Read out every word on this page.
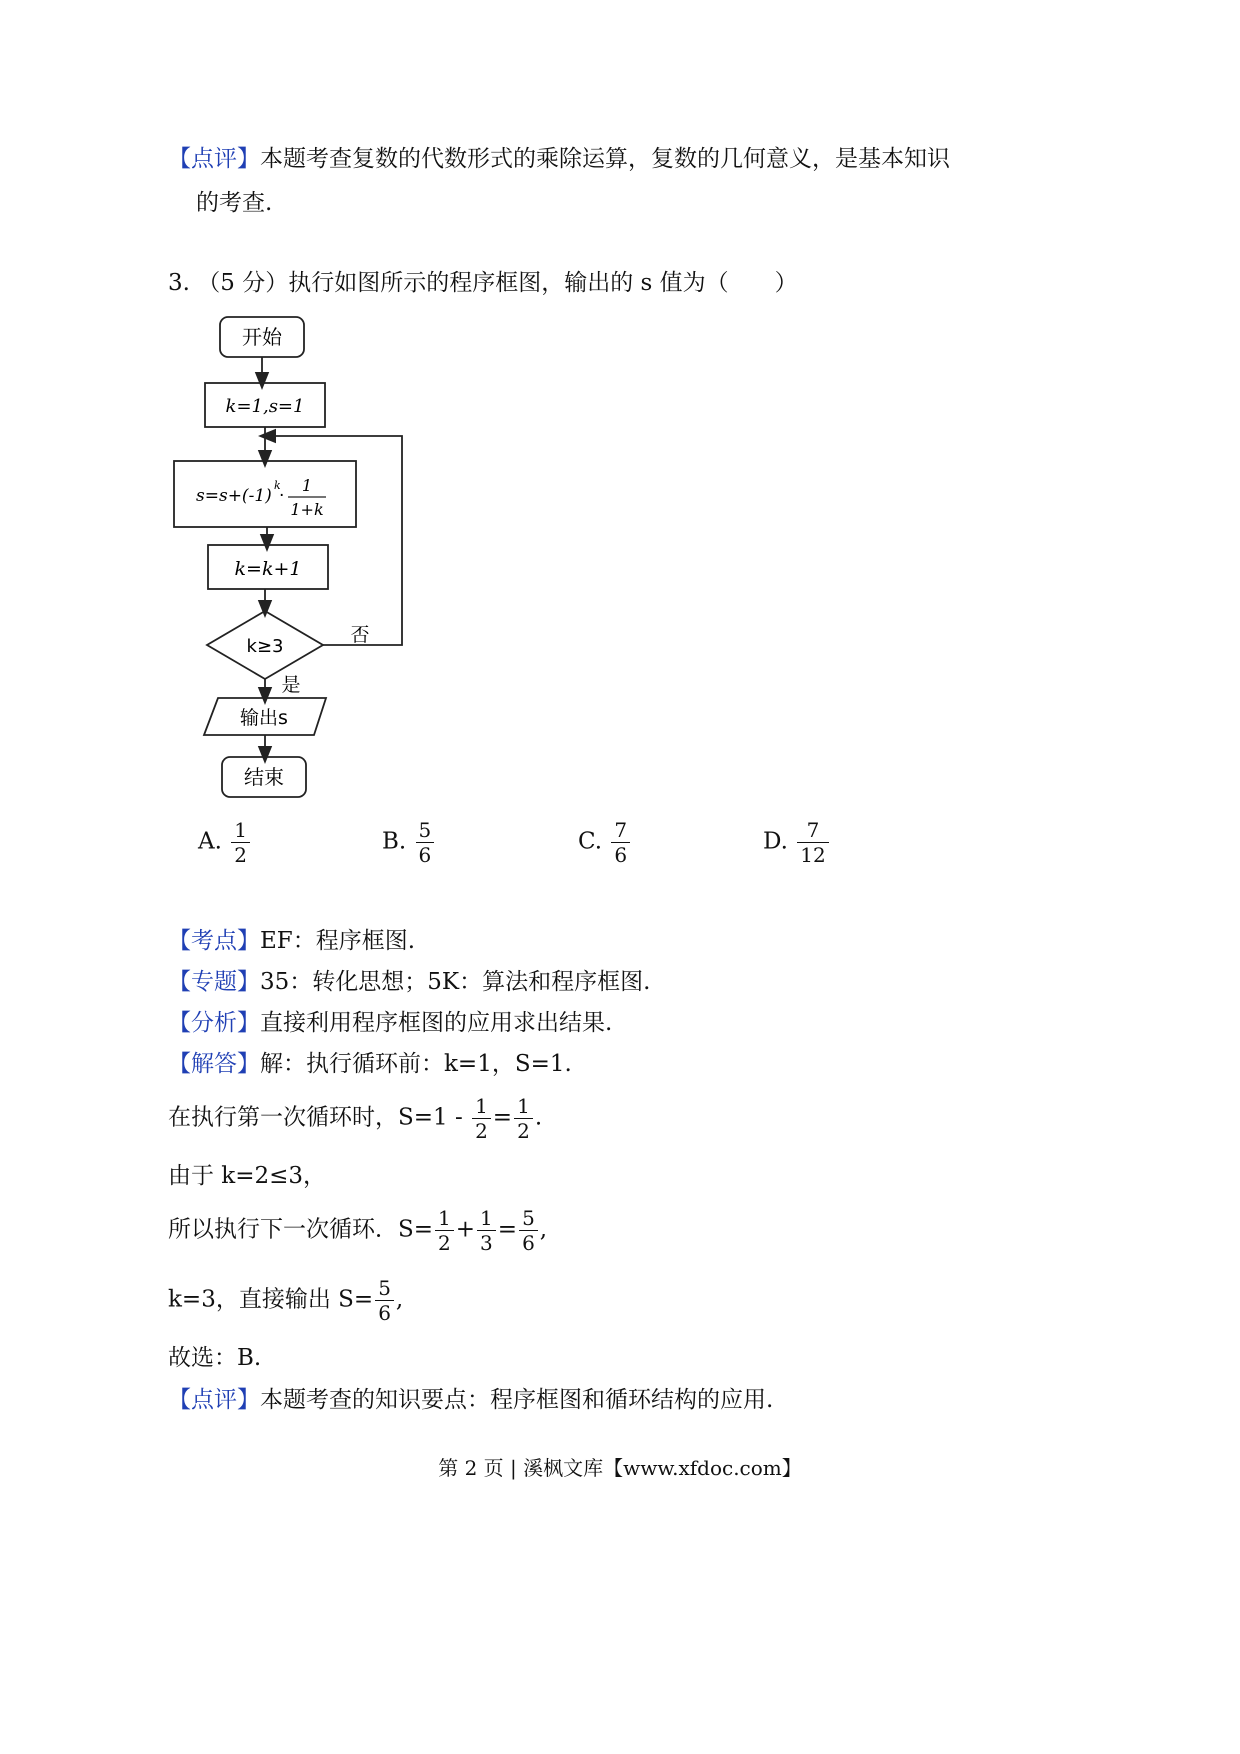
【点评】本题考查复数的代数形式的乘除运算，复数的几何意义，是基本知识
的考查.
3. （5 分）执行如图所示的程序框图，输出的 s 值为（　　）
开始
k=1,s=1
s=s+(-1)
k
·
1
1+k
k=k+1
k≥3
否
是
输出s
结束
A. $\frac{1}{2}$	B. $\frac{5}{6}$	C. $\frac{7}{6}$	D. $\frac{7}{12}$
【考点】EF：程序框图.
【专题】35：转化思想；5K：算法和程序框图.
【分析】直接利用程序框图的应用求出结果.
【解答】解：执行循环前：k=1，S=1.
在执行第一次循环时，$S=1 - \frac{1}{2} = \frac{1}{2}$ .
由于 k=2≤3，
所以执行下一次循环．$S= \frac{1}{2} + \frac{1}{3} = \frac{5}{6}$ ,
k=3，直接输出 $S= \frac{5}{6}$ ,
故选：B.
【点评】本题考查的知识要点：程序框图和循环结构的应用.
第 2 页 | 溪枫文库【www.xfdoc.com】
